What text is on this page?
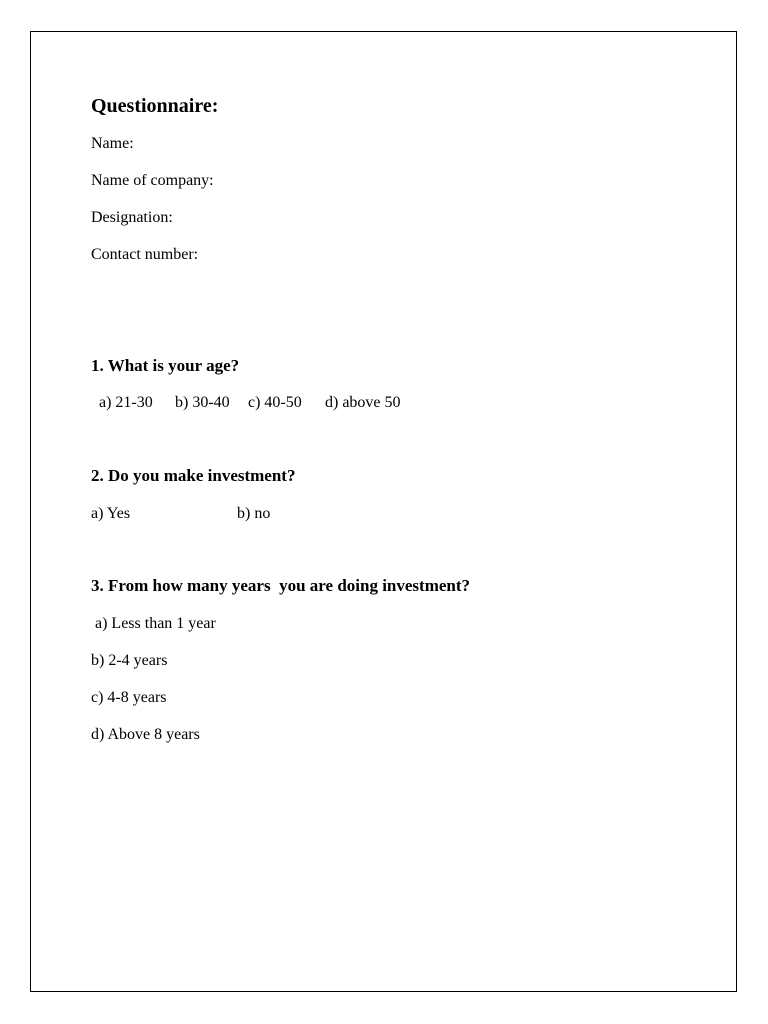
Questionnaire:
Name:
Name of company:
Designation:
Contact number:
1. What is your age?
a) 21-30 b) 30-40 c) 40-50 d) above 50
2. Do you make investment?
a) Yes	b) no
3. From how many years  you are doing investment?
a) Less than 1 year
b) 2-4 years
c) 4-8 years
d) Above 8 years
